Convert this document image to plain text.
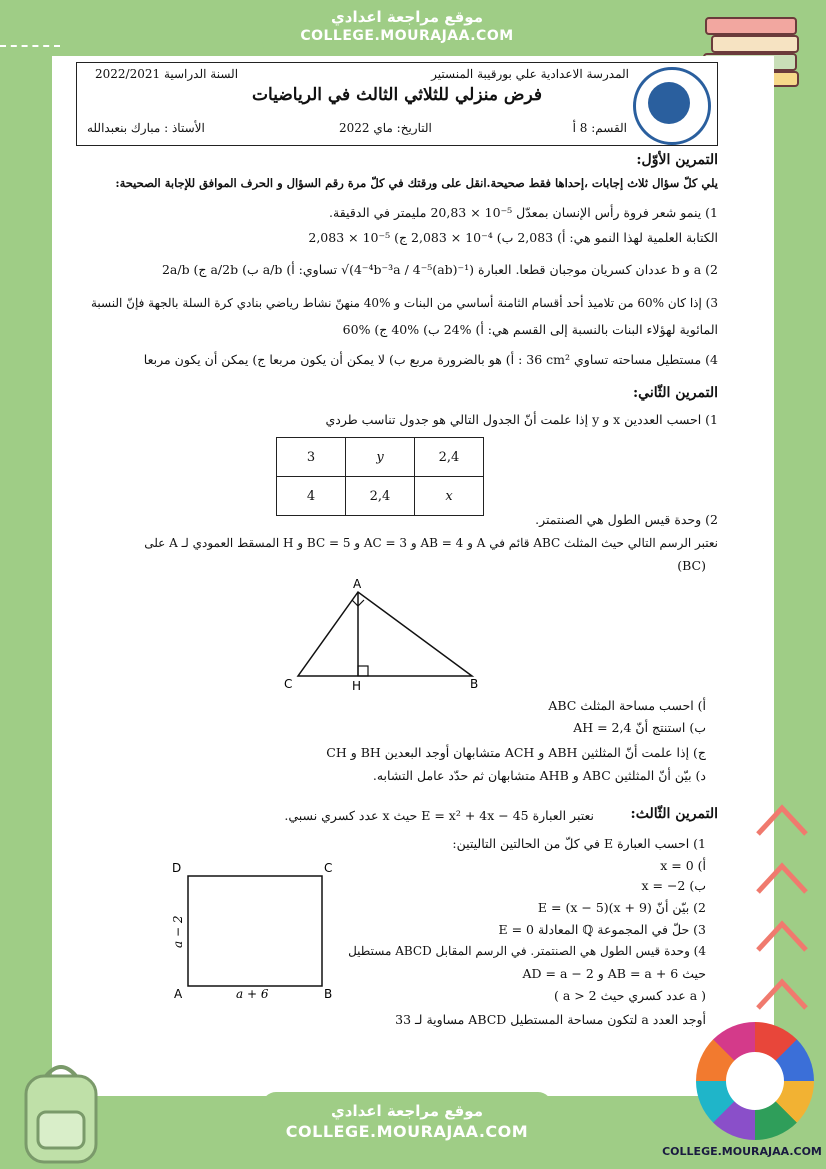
موقع مراجعة اعدادي
COLLEGE.MOURAJAA.COM
المدرسة الاعدادية علي بورقيبة المنستير
السنة الدراسية 2022/2021
فرض منزلي للثلاثي الثالث في الرياضيات
القسم: 8 أ
التاريخ: ماي 2022
الأستاذ : مبارك بنعبدالله
التمرين الأوّل:
يلي كلّ سؤال ثلاث إجابات ،إحداها فقط صحيحة.انقل على ورقتك في كلّ مرة رقم السؤال و الحرف الموافق للإجابة الصحيحة:
1) ينمو شعر فروة رأس الإنسان بمعدّل ‎20,83 × 10⁻⁵‎ مليمتر في الدقيقة.
الكتابة العلمية لهذا النمو هي: أ) ‎2,083‎ ب) ‎2,083 × 10⁻⁴‎ ج) ‎2,083 × 10⁻⁵‎
2) a و b عددان كسريان موجبان قطعا. العبارة ‎√(4⁻⁴b⁻³a / 4⁻⁵(ab)⁻¹)‎ تساوي: أ) ‎a/b‎ ب) ‎a/2b‎ ج) ‎2a/b‎
3) إذا كان %60 من تلاميذ أحد أقسام الثامنة أساسي من البنات و %40 منهنّ نشاط رياضي بنادي كرة السلة بالجهة فإنّ النسبة
المائوية لهؤلاء البنات بالنسبة إلى القسم هي: أ) %24 ب) %40 ج) %60
4) مستطيل مساحته تساوي ‎36 cm²‎ : أ) هو بالضرورة مربع ب) لا يمكن أن يكون مربعا ج) يمكن أن يكون مربعا
التمرين الثّاني:
1) احسب العددين x و y إذا علمت أنّ الجدول التالي هو جدول تناسب طردي
3	y	2,4
4	2,4	x
2) وحدة قيس الطول هي الصنتمتر.
نعتبر الرسم التالي حيث المثلث ABC قائم في A و AB = 4 و AC = 3 و BC = 5 و H المسقط العمودي لـ A على
(BC)
A
C	H	B
أ) احسب مساحة المثلث ABC
ب) استنتج أنّ AH = 2,4
ج) إذا علمت أنّ المثلثين ABH و ACH متشابهان أوجد البعدين BH و CH
د) بيّن أنّ المثلثين ABC و AHB متشابهان ثم حدّد عامل التشابه.
التمرين الثّالث:
نعتبر العبارة E = x² + 4x − 45 حيث x عدد كسري نسبي.
1) احسب العبارة E في كلّ من الحالتين التاليتين:
أ) x = 0
ب) x = −2
2) بيّن أنّ E = (x − 5)(x + 9)
3) حلّ في المجموعة ℚ المعادلة E = 0
4) وحدة قيس الطول هي الصنتمتر. في الرسم المقابل ABCD مستطيل
حيث AB = a + 6 و AD = a − 2
( a عدد كسري حيث a > 2 )
أوجد العدد a لتكون مساحة المستطيل ABCD مساوية لـ 33
D	C
A	B
a − 2
a + 6
موقع مراجعة اعدادي
COLLEGE.MOURAJAA.COM
COLLEGE.MOURAJAA.COM
